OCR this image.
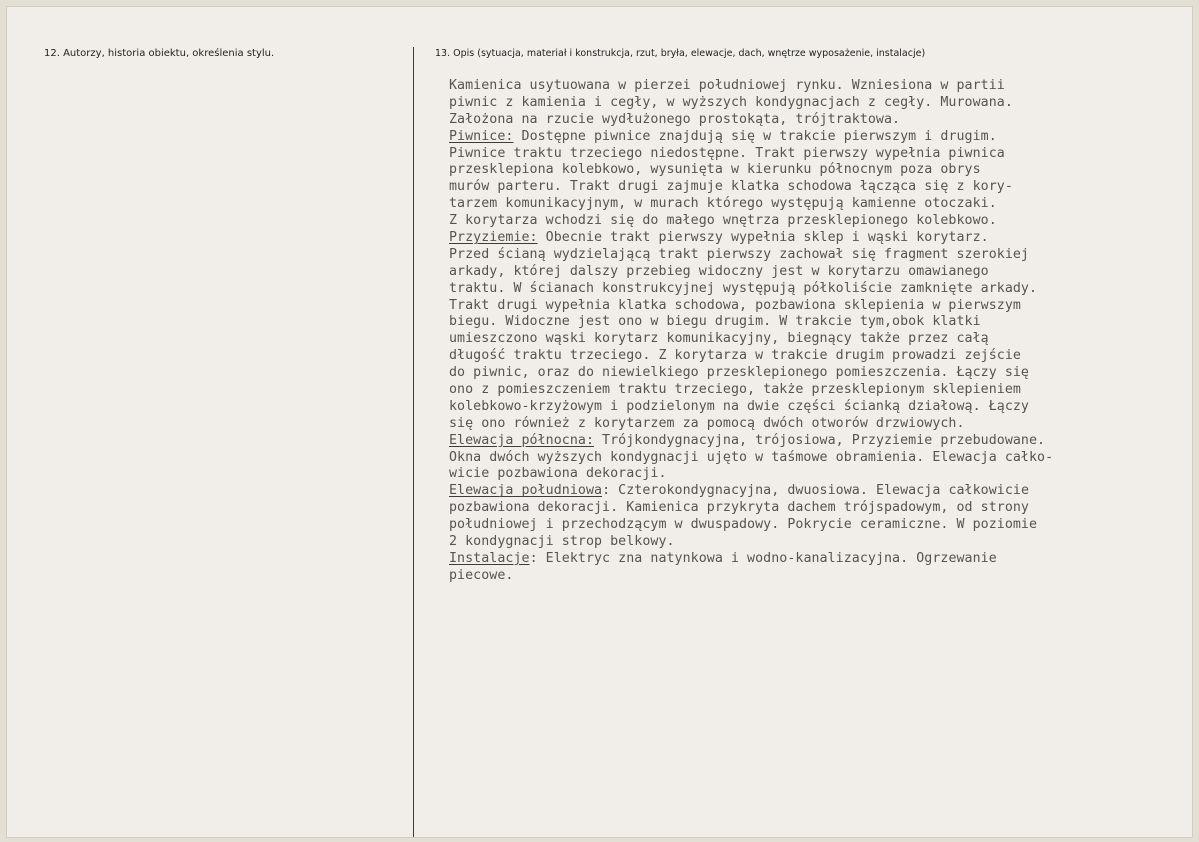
12. Autorzy, historia obiektu, określenia stylu.	13. Opis (sytuacja, materiał i konstrukcja, rzut, bryła, elewacje, dach, wnętrze wyposażenie, instalacje)
Kamienica usytuowana w pierzei południowej rynku. Wzniesiona w partii
piwnic z kamienia i cegły, w wyższych kondygnacjach z cegły. Murowana.
Założona na rzucie wydłużonego prostokąta, trójtraktowa.
Piwnice: Dostępne piwnice znajdują się w trakcie pierwszym i drugim.
Piwnice traktu trzeciego niedostępne. Trakt pierwszy wypełnia piwnica
przesklepiona kolebkowo, wysunięta w kierunku północnym poza obrys
murów parteru. Trakt drugi zajmuje klatka schodowa łącząca się z kory-
tarzem komunikacyjnym, w murach którego występują kamienne otoczaki.
Z korytarza wchodzi się do małego wnętrza przesklepionego kolebkowo.
Przyziemie: Obecnie trakt pierwszy wypełnia sklep i wąski korytarz.
Przed ścianą wydzielającą trakt pierwszy zachował się fragment szerokiej
arkady, której dalszy przebieg widoczny jest w korytarzu omawianego
traktu. W ścianach konstrukcyjnej występują półkoliście zamknięte arkady.
Trakt drugi wypełnia klatka schodowa, pozbawiona sklepienia w pierwszym
biegu. Widoczne jest ono w biegu drugim. W trakcie tym,obok klatki
umieszczono wąski korytarz komunikacyjny, biegnący także przez całą
długość traktu trzeciego. Z korytarza w trakcie drugim prowadzi zejście
do piwnic, oraz do niewielkiego przesklepionego pomieszczenia. Łączy się
ono z pomieszczeniem traktu trzeciego, także przesklepionym sklepieniem
kolebkowo-krzyżowym i podzielonym na dwie części ścianką działową. Łączy
się ono również z korytarzem za pomocą dwóch otworów drzwiowych.
Elewacja północna: Trójkondygnacyjna, trójosiowa, Przyziemie przebudowane.
Okna dwóch wyższych kondygnacji ujęto w taśmowe obramienia. Elewacja całko-
wicie pozbawiona dekoracji.
Elewacja południowa: Czterokondygnacyjna, dwuosiowa. Elewacja całkowicie
pozbawiona dekoracji. Kamienica przykryta dachem trójspadowym, od strony
południowej i przechodzącym w dwuspadowy. Pokrycie ceramiczne. W poziomie
2 kondygnacji strop belkowy.
Instalacje: Elektryc zna natynkowa i wodno-kanalizacyjna. Ogrzewanie
piecowe.
